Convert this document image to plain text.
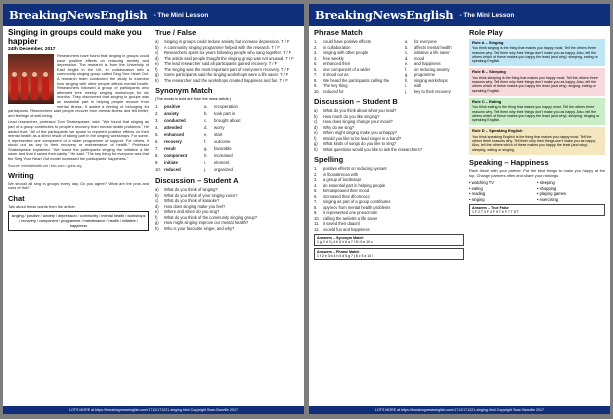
BreakingNewsEnglish - The Mini Lesson
Singing in groups could make you happier
24th December, 2017

Researchers have found that singing in groups could have positive effects on reducing anxiety and depression. The research is from the University of East Anglia in the UK, in collaboration with a community singing group called Sing Your Heart Out. A research team conducted the study to examine how singing with other people affects mental health. Researchers followed a group of participants who attended free weekly singing workshops for six months. They discovered that singing in groups was an essential part in helping people recover from mental illness. It added a feeling of belonging for participants. Researchers said people recover from mental illness and felt better, and feelings of well-being.

Lead researcher, professor Tom Shakespeare, said: "We found that singing as part of a group contributes to people's recovery from mental health problems." He added that: "All of the participants we spoke to reported positive effects on their mental health as a direct result of taking part in the singing workshops. For some, it represented one component of a wider programme of support. For others, it stood out as key to their recovery or maintenance of health." Professor Shakespeare explained: "We found the participants singing the initiative a life saver and that it saved their sanity." He said: "The key thing for everyone was that the Sing Your Heart Out model increased the participants' happiness."

Source: mentalhealth.net / bbc.com / gnhs.org
Writing

We should all sing in groups every day. Do you agree? What are the pros and cons of this?

Chat

Talk about these words from the article.

singing / positive / anxiety / depression / community / mental health / workshops / recovery / component / programme / maintenance / health / initiative / happiness
True / False
a)	Singing in groups could reduce anxiety but increase depression. T / F
b)	A community singing programme helped with the research. T / F
c)	Researchers spent six years following people who sang together. T / F
d)	The article said people thought the singing group was not unusual. T / F
e)	The lead researcher said all participants gained recovery. T / F
f)	The singing was the most important part of everyone's recovery. T / F
g)	Some participants said the singing workshops were a life saver. T / F
h)	The researcher said the workshops created happiness and fun. T / F
Synonym Match
(The words in bold are from the news article.)
1.	positive	a.	recuperation
2.	anxiety	b.	took part in
3.	conducted	c.	brought about
4.	attended	d.	worry
5.	enhanced	e.	start
6.	recovery	f.	outcome
7.	result	g.	favorable
8.	component	h.	increased
9.	initiate	i.	element
10. reduced	j.	organized
Discussion – Student A
a)	What do you think of singing?
b)	What do you think of your singing voice?
c)	What do you think of karaoke?
d)	How does singing make you feel?
e)	Where and when do you sing?
f)	What do you think of the community singing group?
g)	How might singing improve our mental health?
h)	Who is your favourite singer, and why?
LOTS MORE at https://breakingnewsenglish.com/1712/171221-singing.html Copyright Sean Banville 2017
BreakingNewsEnglish - The Mini Lesson
Phrase Match
1.	could have positive effects	a.	for everyone
2.	in collaboration	b.	affects mental health
3.	singing with other people	c.	initiative a life saver
4.	free weekly	d.	mood
5.	enhanced their	e.	and happiness
6.	one component of a wider	f.	on reducing anxiety
7.	it stood out as	g.	programme
8.	We heard the participants calling the	h.	singing workshops
9.	The key thing	i.	with
10. reduced for	j.	key to their recovery
Discussion – Student B
a)	What do you think about what you read?
b)	How much do you like singing?
c)	How does singing change your mood?
d)	Why do we sing?
e)	When might singing make you unhappy?
f)	Would you like to be lead singer in a band?
g)	What kinds of songs do you like to sing?
h)	What questions would you like to ask the researchers?
Spelling
1.	positive effects on reducing iyxnaet
2.	in lbooatinrcoa with
3.	a group of iiacttnaspr
4.	an essential part in helping people
5.	kmnaspeaoed their mood
6.	increased their dfcormocc
7.	singing as part of a group contributes
8.	opyrecv from mental health problems
9.	it represented one pneocmotn
10. calling the aeiiivtnt a life saver
11. it saved their daaonl
12. ovoeld fun and happiness
Answers – Synonym Match
1 g 2 d 3 j 4 b 5 h 6 a 7 f 8 i 9 e 10 c
Answers – Phrase Match
1 f 2 e 3 b 4 h 5 d 6 g 7 j 8 c 9 a 10 i
Role Play
Role A – Singing
You think singing is the thing that makes you happy most. Tell the others three reasons why. Tell them why their things don't make you as happy. Also, tell the others which of these makes you happy the least (and why): sleeping, eating or speaking English.
Role B – Sleeping
You think sleeping is the thing that makes you happy most. Tell the others three reasons why. Tell them why their things don't make you as happy. Also, tell the others which of these makes you happy the least (and why): singing, eating or speaking English.
Role C – Eating
You think eating is the thing that makes you happy most. Tell the others three reasons why. Tell them why their things don't make you as happy. Also, tell the others which of these makes you happy the least (and why): sleeping, singing or speaking English.
Role D – Speaking English
You think speaking English is the thing that makes you happy most. Tell the others three reasons why. Tell them why their things don't make you as happy. Also, tell the others which of these makes you happy the least (and why): sleeping, eating or singing.
Speaking – Happiness

Rank these with your partner. Put the best things to make you happy at the top. Change partners often and share your rankings.

• watching TV	• sleeping
• eating	• shopping
• reading	• playing games
• singing	• exercising
Answers – True False
1 F 2 T 3 F 4 F 5 T 6 F 7 T 8 T
LOTS MORE at https://breakingnewsenglish.com/1712/171221-singing.html Copyright Sean Banville 2017
